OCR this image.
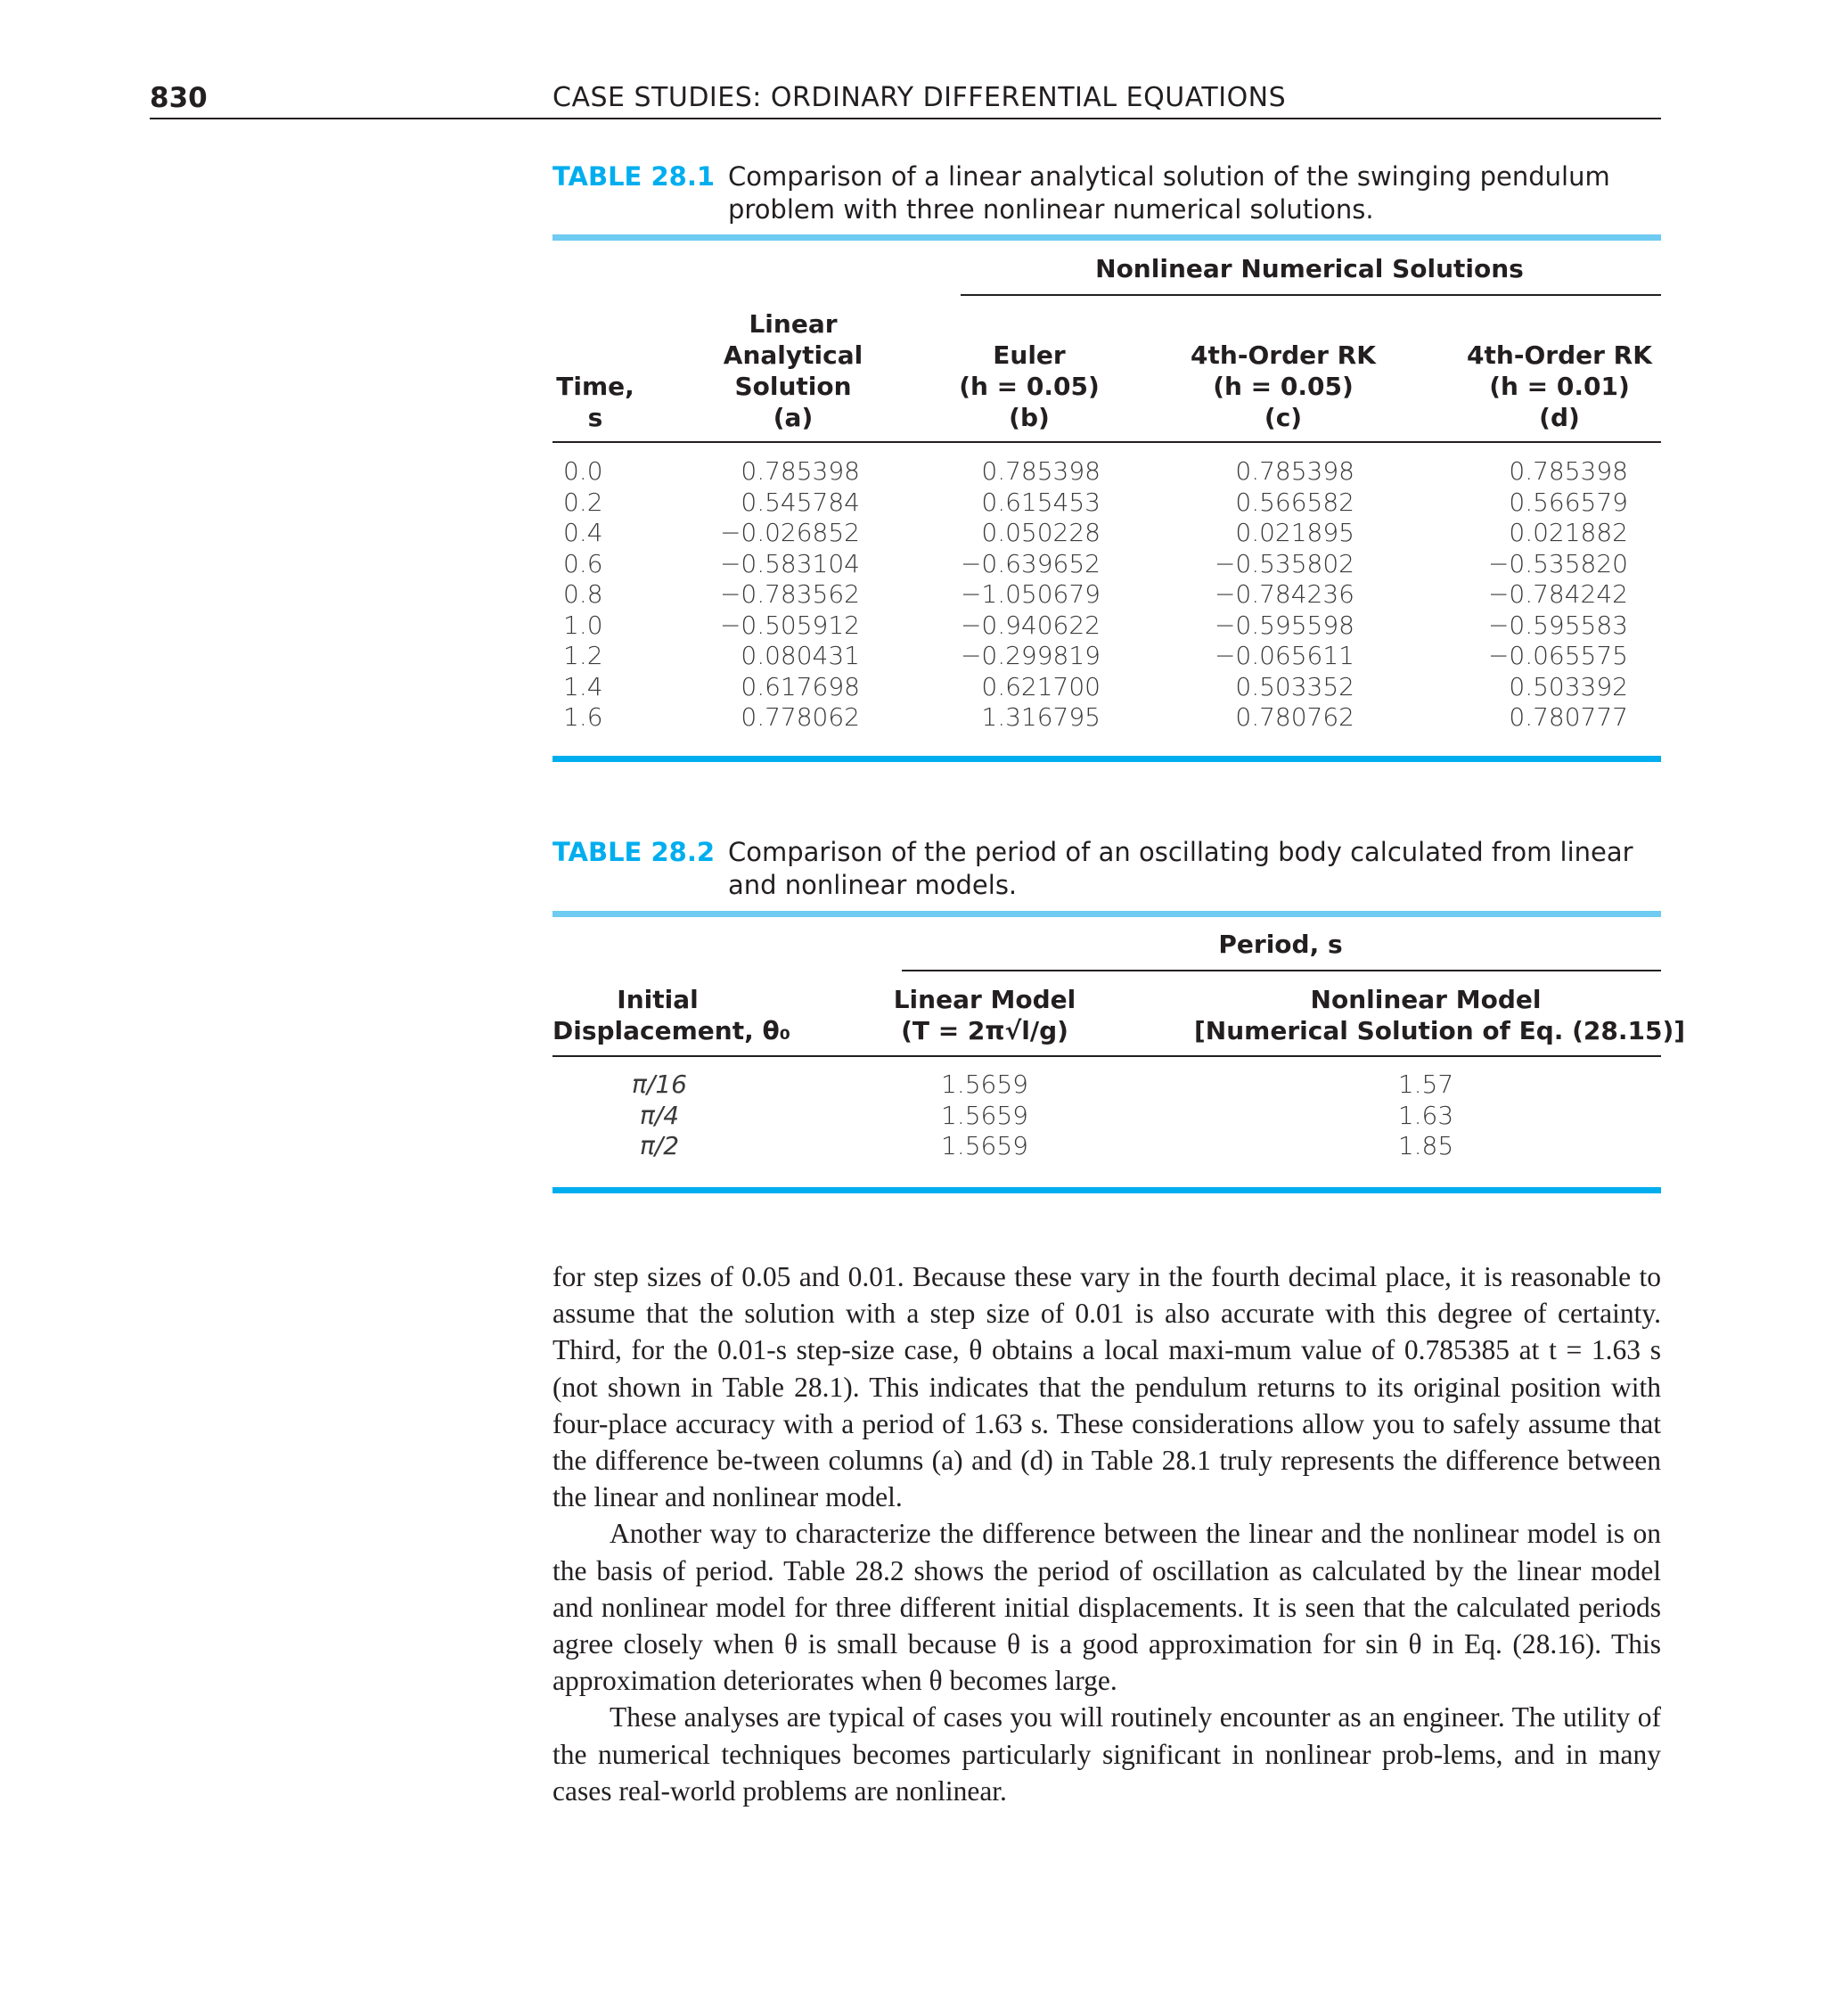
830	CASE STUDIES: ORDINARY DIFFERENTIAL EQUATIONS
TABLE 28.1 Comparison of a linear analytical solution of the swinging pendulum
problem with three nonlinear numerical solutions.
Nonlinear Numerical Solutions
Time,
s
Linear
Analytical
Solution
(a)
Euler
(h = 0.05)
(b)
4th-Order RK
(h = 0.05)
(c)
4th-Order RK
(h = 0.01)
(d)
0.0
0.2
0.4
0.6
0.8
1.0
1.2
1.4
1.6
0.785398
0.545784
−0.026852
−0.583104
−0.783562
−0.505912
0.080431
0.617698
0.778062
0.785398
0.615453
0.050228
−0.639652
−1.050679
−0.940622
−0.299819
0.621700
1.316795
0.785398
0.566582
0.021895
−0.535802
−0.784236
−0.595598
−0.065611
0.503352
0.780762
0.785398
0.566579
0.021882
−0.535820
−0.784242
−0.595583
−0.065575
0.503392
0.780777
TABLE 28.2 Comparison of the period of an oscillating body calculated from linear
and nonlinear models.
Period, s
Initial
Displacement, θ₀
Linear Model
(T = 2π√l/g)
Nonlinear Model
[Numerical Solution of Eq. (28.15)]
π/16
π/4
π/2
1.5659
1.5659
1.5659
1.57
1.63
1.85

for step sizes of 0.05 and 0.01. Because these vary in the fourth decimal place, it is reasonable to assume that the solution with a step size of 0.01 is also accurate with this degree of certainty. Third, for the 0.01-s step-size case, θ obtains a local maxi-mum value of 0.785385 at t = 1.63 s (not shown in Table 28.1). This indicates that the pendulum returns to its original position with four-place accuracy with a period of 1.63 s. These considerations allow you to safely assume that the difference be-tween columns (a) and (d) in Table 28.1 truly represents the difference between the linear and nonlinear model.

Another way to characterize the difference between the linear and the nonlinear model is on the basis of period. Table 28.2 shows the period of oscillation as calculated by the linear model and nonlinear model for three different initial displacements. It is seen that the calculated periods agree closely when θ is small because θ is a good approximation for sin θ in Eq. (28.16). This approximation deteriorates when θ becomes large.

These analyses are typical of cases you will routinely encounter as an engineer. The utility of the numerical techniques becomes particularly significant in nonlinear prob-lems, and in many cases real-world problems are nonlinear.
